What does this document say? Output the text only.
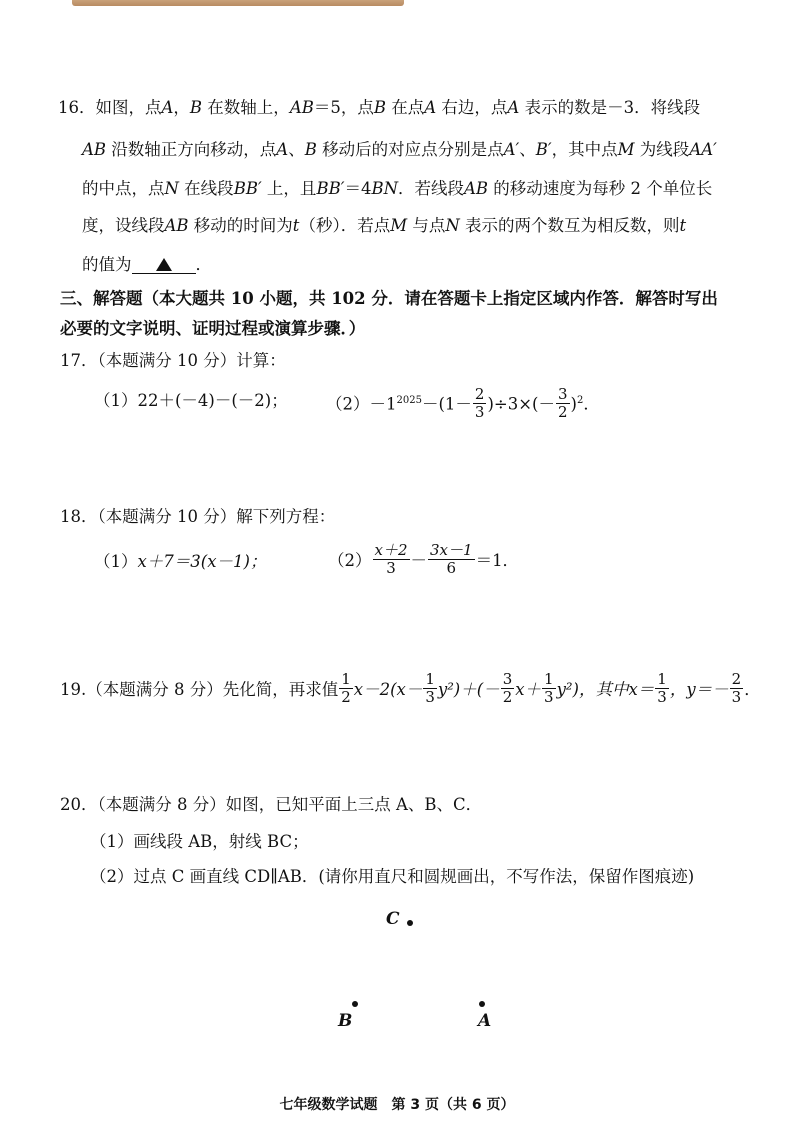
16．如图，点A，B 在数轴上，AB＝5，点B 在点A 右边，点A 表示的数是－3．将线段
AB 沿数轴正方向移动，点A、B 移动后的对应点分别是点A′、B′，其中点M 为线段AA′
的中点，点N 在线段BB′ 上，且BB′＝4BN．若线段AB 的移动速度为每秒 2 个单位长
度，设线段AB 移动的时间为t（秒）．若点M 与点N 表示的两个数互为相反数，则t
的值为	．
三、解答题（本大题共 10 小题，共 102 分．请在答题卡上指定区域内作答．解答时写出
必要的文字说明、证明过程或演算步骤．）
17．（本题满分 10 分）计算：
（1）22＋(－4)－(－2)； $(2)-1^{2025}-(1- \frac{2}{3} )\div 3\times(- \frac{3}{2} )^2$．
18．（本题满分 10 分）解下列方程：
（1）x＋7＝3(x－1)；	$(2) \frac{x+2}{3} - \frac{3x-1}{6} =1$．
19.（本题满分 8 分）先化简，再求值 $\frac{1}{2} x-2(x- \frac{1}{3} y^2)+(- \frac{3}{2} x+ \frac{1}{3} y^2)$，其中$x= \frac{1}{3}$ ，$y=- \frac{2}{3}$ ．
20．（本题满分 8 分）如图，已知平面上三点 A、B、C．
（1）画线段 AB，射线 BC；
（2）过点 C 画直线 CD∥AB．(请你用直尺和圆规画出，不写作法，保留作图痕迹)
C
B	A
七年级数学试题　第 3 页（共 6 页）
